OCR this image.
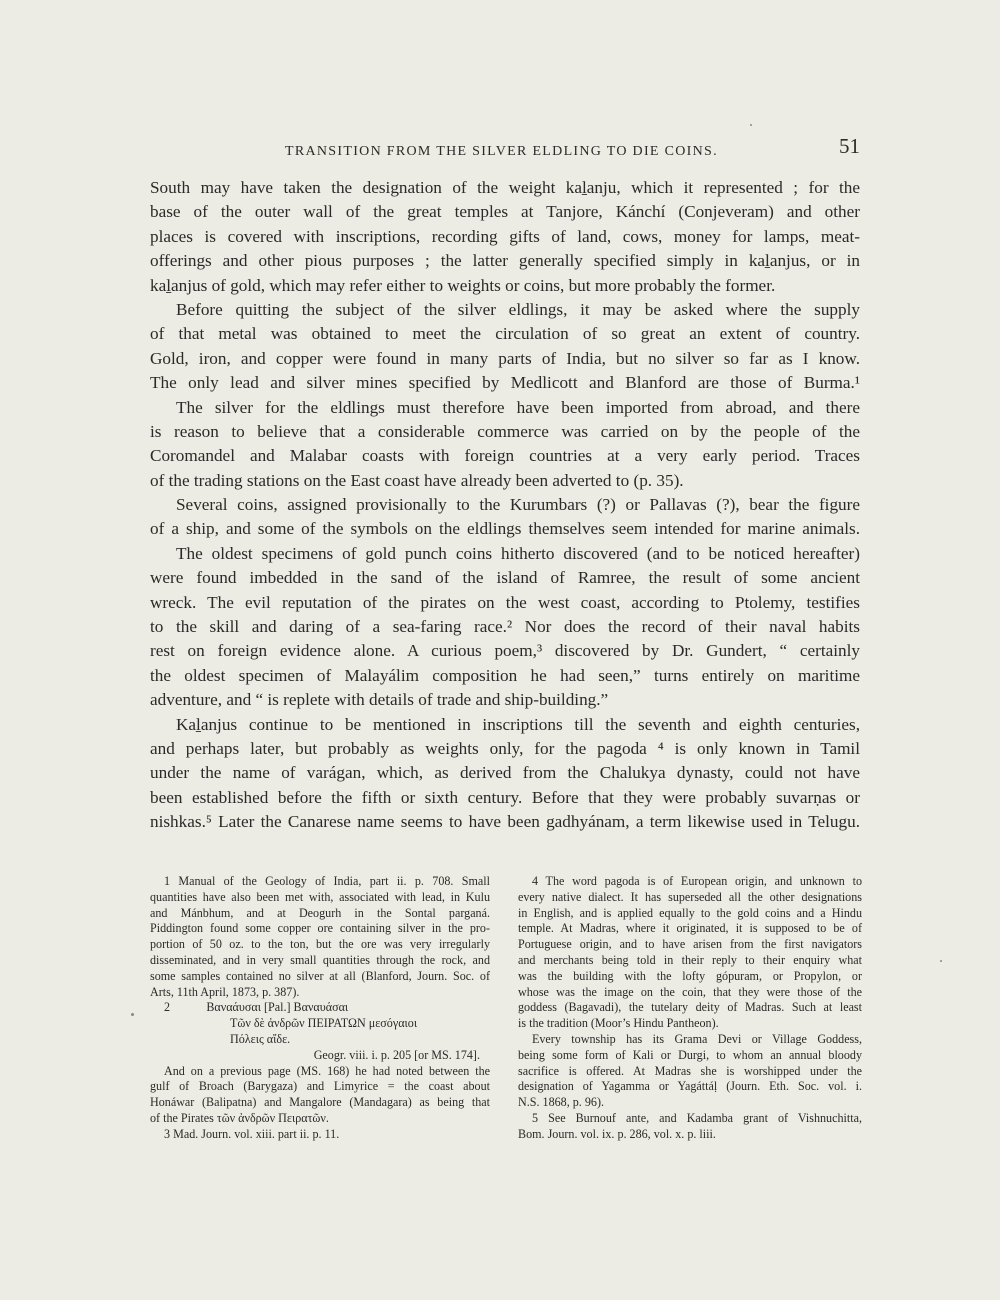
TRANSITION FROM THE SILVER ELDLING TO DIE COINS.	51
South may have taken the designation of the weight kaḻanju, which it represented ; for the
base of the outer wall of the great temples at Tanjore, Kánchí (Conjeveram) and other
places is covered with inscriptions, recording gifts of land, cows, money for lamps, meat-
offerings and other pious purposes ; the latter generally specified simply in kaḻanjus, or in
kaḻanjus of gold, which may refer either to weights or coins, but more probably the former.
Before quitting the subject of the silver eldlings, it may be asked where the supply
of that metal was obtained to meet the circulation of so great an extent of country.
Gold, iron, and copper were found in many parts of India, but no silver so far as I know.
The only lead and silver mines specified by Medlicott and Blanford are those of Burma.¹
The silver for the eldlings must therefore have been imported from abroad, and there
is reason to believe that a considerable commerce was carried on by the people of the
Coromandel and Malabar coasts with foreign countries at a very early period. Traces
of the trading stations on the East coast have already been adverted to (p. 35).
Several coins, assigned provisionally to the Kurumbars (?) or Pallavas (?), bear the figure
of a ship, and some of the symbols on the eldlings themselves seem intended for marine animals.
The oldest specimens of gold punch coins hitherto discovered (and to be noticed hereafter)
were found imbedded in the sand of the island of Ramree, the result of some ancient
wreck. The evil reputation of the pirates on the west coast, according to Ptolemy, testifies
to the skill and daring of a sea-faring race.² Nor does the record of their naval habits
rest on foreign evidence alone. A curious poem,³ discovered by Dr. Gundert, “ certainly
the oldest specimen of Malayálim composition he had seen,” turns entirely on maritime
adventure, and “ is replete with details of trade and ship-building.”
Kaḻanjus continue to be mentioned in inscriptions till the seventh and eighth centuries,
and perhaps later, but probably as weights only, for the pagoda ⁴ is only known in Tamil
under the name of varágan, which, as derived from the Chalukya dynasty, could not have
been established before the fifth or sixth century. Before that they were probably suvarṇas or
nishkas.⁵ Later the Canarese name seems to have been gadhyánam, a term likewise used in Telugu.
1 Manual of the Geology of India, part ii. p. 708. Small
quantities have also been met with, associated with lead, in Kulu
and Mánbhum, and at Deogurh in the Sontal parganá.
Piddington found some copper ore containing silver in the pro-
portion of 50 oz. to the ton, but the ore was very irregularly
disseminated, and in very small quantities through the rock, and
some samples contained no silver at all (Blanford, Journ. Soc. of
Arts, 11th April, 1873, p. 387).
2            Βαναάυσαι [Pal.] Βαναυάσαι
Τῶν δὲ ἀνδρῶν ΠΕΙΡΑΤΩΝ μεσόγαιοι
Πόλεις αἴδε.
Geogr. viii. i. p. 205 [or MS. 174].
And on a previous page (MS. 168) he had noted between the
gulf of Broach (Barygaza) and Limyrice = the coast about
Honáwar (Balipatna) and Mangalore (Mandagara) as being that
of the Pirates τῶν ἀνδρῶν Πειρατῶν.
3 Mad. Journ. vol. xiii. part ii. p. 11.
4 The word pagoda is of European origin, and unknown to
every native dialect. It has superseded all the other designations
in English, and is applied equally to the gold coins and a Hindu
temple. At Madras, where it originated, it is supposed to be of
Portuguese origin, and to have arisen from the first navigators
and merchants being told in their reply to their enquiry what
was the building with the lofty gópuram, or Propylon, or
whose was the image on the coin, that they were those of the
goddess (Bagavadi), the tutelary deity of Madras. Such at least
is the tradition (Moor’s Hindu Pantheon).
Every township has its Grama Devi or Village Goddess,
being some form of Kali or Durgi, to whom an annual bloody
sacrifice is offered. At Madras she is worshipped under the
designation of Yagamma or Yagáttáḷ (Journ. Eth. Soc. vol. i.
N.S. 1868, p. 96).
5 See Burnouf ante, and Kadamba grant of Vishnuchitta,
Bom. Journ. vol. ix. p. 286, vol. x. p. liii.
